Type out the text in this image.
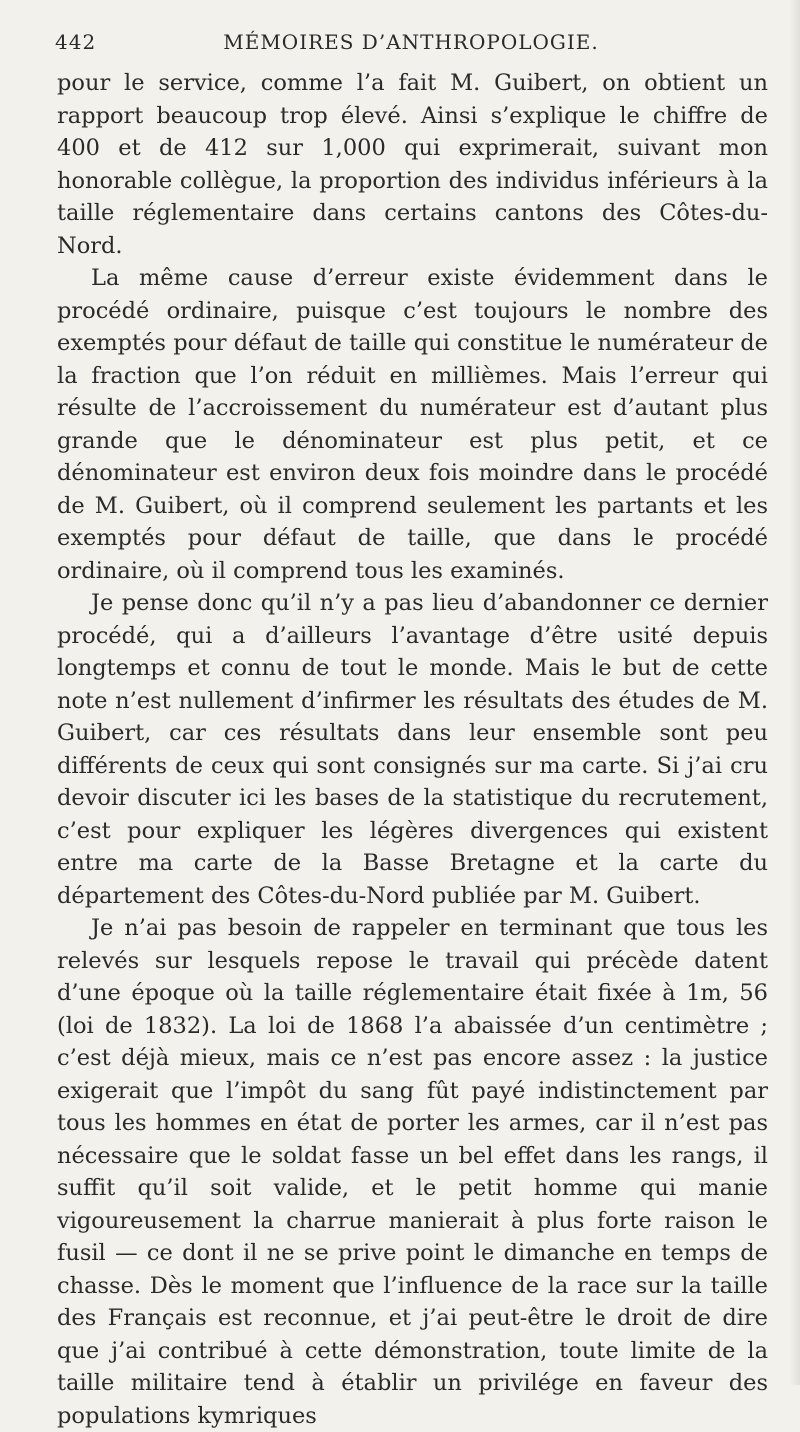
442	MÉMOIRES D’ANTHROPOLOGIE.

pour le service, comme l’a fait M. Guibert, on obtient un rapport beaucoup trop élevé. Ainsi s’explique le chiffre de 400 et de 412 sur 1,000 qui exprimerait, suivant mon honorable collègue, la proportion des individus inférieurs à la taille réglementaire dans certains cantons des Côtes-du-Nord.

La même cause d’erreur existe évidemment dans le procédé ordinaire, puisque c’est toujours le nombre des exemptés pour défaut de taille qui constitue le numérateur de la fraction que l’on réduit en millièmes. Mais l’erreur qui résulte de l’accroissement du numérateur est d’autant plus grande que le dénominateur est plus petit, et ce dénominateur est environ deux fois moindre dans le procédé de M. Guibert, où il comprend seulement les partants et les exemptés pour défaut de taille, que dans le procédé ordinaire, où il comprend tous les examinés.

Je pense donc qu’il n’y a pas lieu d’abandonner ce dernier procédé, qui a d’ailleurs l’avantage d’être usité depuis longtemps et connu de tout le monde. Mais le but de cette note n’est nullement d’infirmer les résultats des études de M. Guibert, car ces résultats dans leur ensemble sont peu différents de ceux qui sont consignés sur ma carte. Si j’ai cru devoir discuter ici les bases de la statistique du recrutement, c’est pour expliquer les légères divergences qui existent entre ma carte de la Basse Bretagne et la carte du département des Côtes-du-Nord publiée par M. Guibert.

Je n’ai pas besoin de rappeler en terminant que tous les relevés sur lesquels repose le travail qui précède datent d’une époque où la taille réglementaire était fixée à 1m, 56 (loi de 1832). La loi de 1868 l’a abaissée d’un centimètre ; c’est déjà mieux, mais ce n’est pas encore assez : la justice exigerait que l’impôt du sang fût payé indistinctement par tous les hommes en état de porter les armes, car il n’est pas nécessaire que le soldat fasse un bel effet dans les rangs, il suffit qu’il soit valide, et le petit homme qui manie vigoureusement la charrue manierait à plus forte raison le fusil — ce dont il ne se prive point le dimanche en temps de chasse. Dès le moment que l’influence de la race sur la taille des Français est reconnue, et j’ai peut-être le droit de dire que j’ai contribué à cette démonstration, toute limite de la taille militaire tend à établir un privilége en faveur des populations kymriques
